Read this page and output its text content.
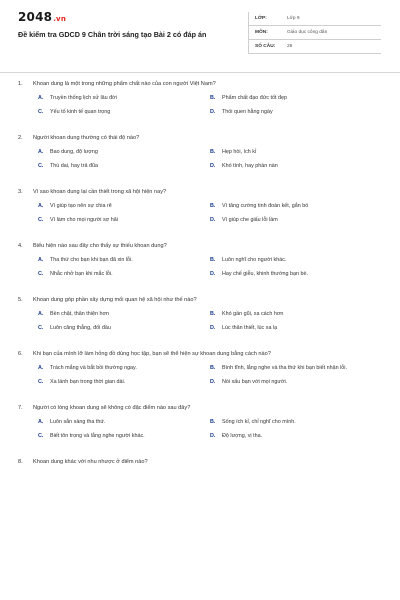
2048.vn
Đề kiểm tra GDCD 9 Chân trời sáng tạo Bài 2 có đáp án
LỚP:	Lớp 9
MÔN:	Giáo dục công dân
SỐ CÂU:	28
1.	Khoan dung là một trong những phẩm chất nào của con người Việt Nam?
A.	Truyền thống lịch sử lâu đời	B.	Phẩm chất đạo đức tốt đẹp
C.	Yếu tố kinh tế quan trọng	D.	Thói quen hằng ngày
2.	Người khoan dung thường có thái độ nào?
A.	Bao dung, độ lượng	B.	Hẹp hòi, ích kỉ
C.	Thù dai, hay trả đũa	D.	Khó tính, hay phàn nàn
3.	Vì sao khoan dung lại cần thiết trong xã hội hiện nay?
A.	Vì giúp tạo nên sự chia rẽ	B.	Vì tăng cường tinh đoàn kết, gắn bó
C.	Vì làm cho mọi người sợ hãi	D.	Vì giúp che giấu lỗi lầm
4.	Biểu hiện nào sau đây cho thấy sự thiếu khoan dung?
A.	Tha thứ cho bạn khi bạn đã xin lỗi.	B.	Luôn nghĩ cho người khác.
C.	Nhắc nhở bạn khi mắc lỗi.	D.	Hay chế giễu, khinh thường bạn bè.
5.	Khoan dung góp phần xây dựng mối quan hệ xã hội như thế nào?
A.	Bền chặt, thân thiện hơn	B.	Khó gần gũi, xa cách hơn
C.	Luôn căng thẳng, đối đầu	D.	Lúc thân thiết, lúc xa lạ
6.	Khi bạn của mình lỡ làm hỏng đồ dùng học tập, bạn sẽ thể hiện sự khoan dung bằng cách nào?
A.	Trách mắng và bắt bồi thường ngay.	B.	Bình tĩnh, lắng nghe và tha thứ khi bạn biết nhận lỗi.
C.	Xa lánh bạn trong thời gian dài.	D.	Nói xấu bạn với mọi người.
7.	Người có lòng khoan dung sẽ không có đặc điểm nào sau đây?
A.	Luôn sẵn sàng tha thứ.	B.	Sống ích kỉ, chỉ nghĩ cho mình.
C.	Biết tôn trọng và lắng nghe người khác.	D.	Độ lượng, vị tha.
8.	Khoan dung khác với nhu nhược ở điểm nào?
